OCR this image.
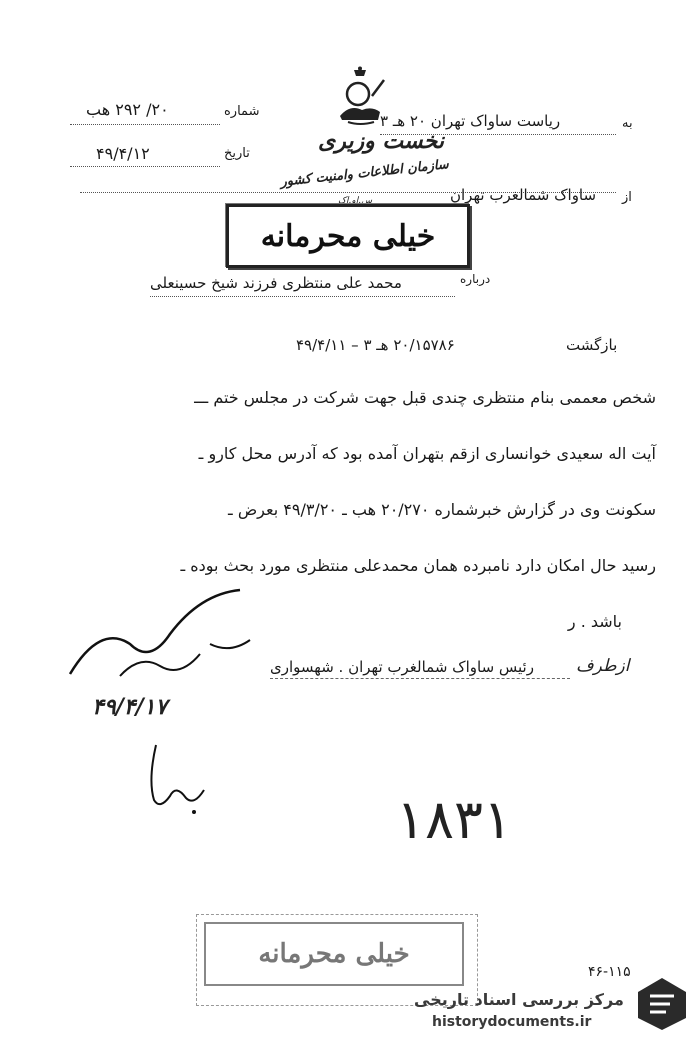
نخست وزیری
سازمان اطلاعات وامنیت کشور
س.او.اک
شماره
۲۰/ ۲۹۲ هب
تاریخ
۴۹/۴/۱۲
به
ریاست ساواک تهران ۲۰ هـ ۳
از
ساواک شمالغرب تهران
خیلی محرمانه
درباره
محمد علی منتظری فرزند شیخ حسینعلی
بازگشت
۲۰/۱۵۷۸۶ هـ ۳ – ۴۹/۴/۱۱
شخص معممی بنام منتظری چندی قبل جهت شرکت در مجلس ختم ـــ
آیت اله سعیدی خوانساری ازقم بتهران آمده بود که آدرس محل کارو ـ
سکونت وی در گزارش خبرشماره ۲۰/۲۷۰ هب ـ ۴۹/۳/۲۰ بعرض ـ
رسید حال امکان دارد نامبرده همان محمدعلی منتظری مورد بحث بوده ـ
باشد . ر
ازطرف
رئیس ساواک شمالغرب تهران . شهسواری
۴۹/۴/۱۷
۱۸۳۱
خیلی محرمانه
۴۶-۱۱۵
مرکز بررسی اسناد تاریخی
historydocuments.ir
